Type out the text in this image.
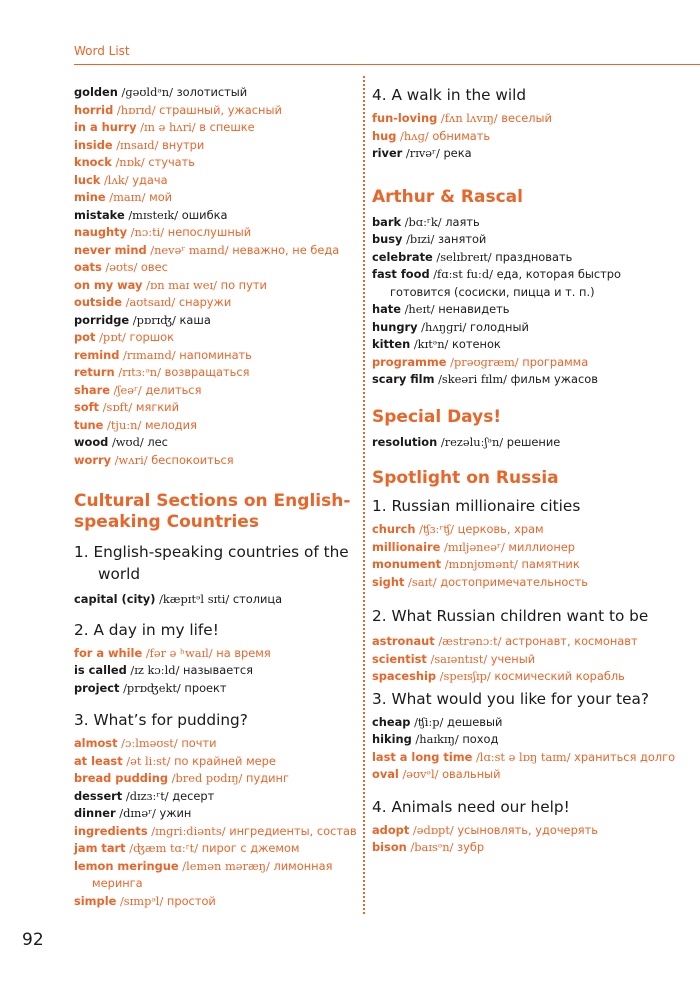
Word List
golden /ɡəʊldᵊn/ золотистый
horrid /hɒrɪd/ страшный, ужасный
in a hurry /ɪn ə hʌri/ в спешке
inside /ɪnsaɪd/ внутри
knock /nɒk/ стучать
luck /lʌk/ удача
mine /maɪn/ мой
mistake /mɪsteɪk/ ошибка
naughty /nɔːti/ непослушный
never mind /nevəʳ maɪnd/ неважно, не беда
oats /əʊts/ овес
on my way /ɒn maɪ weɪ/ по пути
outside /aʊtsaɪd/ снаружи
porridge /pɒrɪʤ/ каша
pot /pɒt/ горшок
remind /rɪmaɪnd/ напоминать
return /rɪtɜːᵊn/ возвращаться
share /ʃeəʳ/ делиться
soft /sɒft/ мягкий
tune /tjuːn/ мелодия
wood /wʊd/ лес
worry /wʌri/ беспокоиться
Cultural Sections on English-speaking Countries
1. English-speaking countries of the world
capital (city) /kæpɪtᵊl sɪti/ столица
2. A day in my life!
for a while /fər ə ʰwaɪl/ на время
is called /ɪz kɔːld/ называется
project /prɒʤekt/ проект
3. What’s for pudding?
almost /ɔːlməʊst/ почти
at least /ət liːst/ по крайней мере
bread pudding /bred pʊdɪŋ/ пудинг
dessert /dɪzɜːʳt/ десерт
dinner /dɪnəʳ/ ужин
ingredients /ɪnɡriːdiənts/ ингредиенты, состав
jam tart /ʤæm tɑːʳt/ пирог с джемом
lemon meringue /lemən məræŋ/ лимонная меринга
simple /sɪmpᵊl/ простой
4. A walk in the wild
fun-loving /fʌn lʌvɪŋ/ веселый
hug /hʌɡ/ обнимать
river /rɪvəʳ/ река
Arthur & Rascal
bark /bɑːʳk/ лаять
busy /bɪzi/ занятой
celebrate /selɪbreɪt/ праздновать
fast food /fɑːst fuːd/ еда, которая быстро готовится (сосиски, пицца и т. п.)
hate /heɪt/ ненавидеть
hungry /hʌŋɡri/ голодный
kitten /kɪtᵊn/ котенок
programme /prəʊɡræm/ программа
scary film /skeəri fɪlm/ фильм ужасов
Special Days!
resolution /rezəluːʃᵊn/ решение
Spotlight on Russia
1. Russian millionaire cities
church /ʧɜːʳʧ/ церковь, храм
millionaire /mɪljəneəʳ/ миллионер
monument /mɒnjʊmənt/ памятник
sight /saɪt/ достопримечательность
2. What Russian children want to be
astronaut /æstrənɔːt/ астронавт, космонавт
scientist /saɪəntɪst/ ученый
spaceship /speɪsʃɪp/ космический корабль
3. What would you like for your tea?
cheap /ʧiːp/ дешевый
hiking /haɪkɪŋ/ поход
last a long time /lɑːst ə lɒŋ taɪm/ храниться долго
oval /əʊvᵊl/ овальный
4. Animals need our help!
adopt /ədɒpt/ усыновлять, удочерять
bison /baɪsᵊn/ зубр
92
